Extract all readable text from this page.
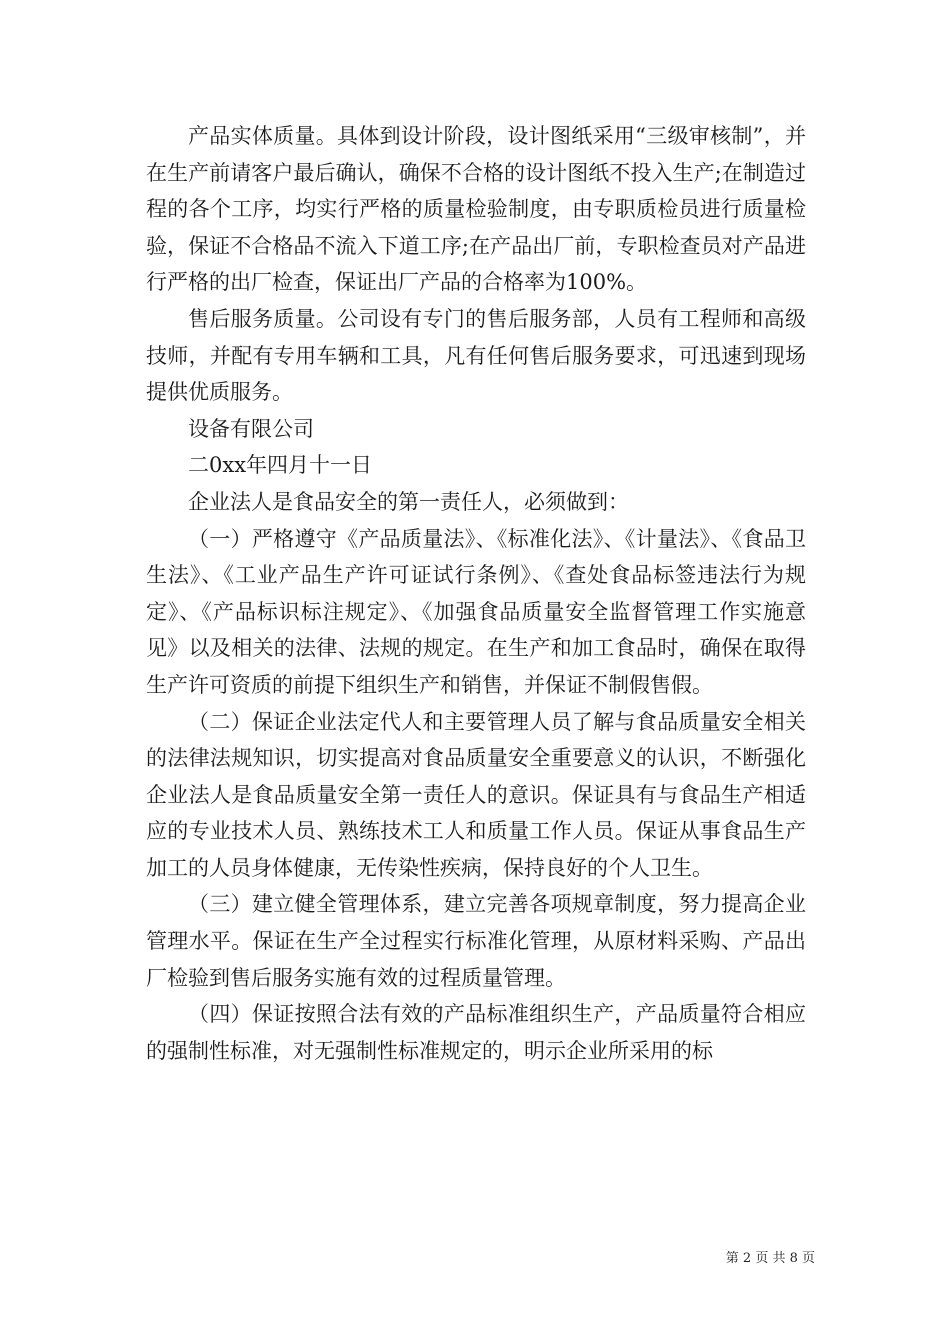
产品实体质量。具体到设计阶段，设计图纸采用“三级审核制”，并在生产前请客户最后确认，确保不合格的设计图纸不投入生产;在制造过程的各个工序，均实行严格的质量检验制度，由专职质检员进行质量检验，保证不合格品不流入下道工序;在产品出厂前，专职检查员对产品进行严格的出厂检查，保证出厂产品的合格率为100%。

售后服务质量。公司设有专门的售后服务部，人员有工程师和高级技师，并配有专用车辆和工具，凡有任何售后服务要求，可迅速到现场提供优质服务。

设备有限公司

二0xx年四月十一日

企业法人是食品安全的第一责任人，必须做到：

（一）严格遵守《产品质量法》、《标准化法》、《计量法》、《食品卫生法》、《工业产品生产许可证试行条例》、《查处食品标签违法行为规定》、《产品标识标注规定》、《加强食品质量安全监督管理工作实施意见》以及相关的法律、法规的规定。在生产和加工食品时，确保在取得生产许可资质的前提下组织生产和销售，并保证不制假售假。

（二）保证企业法定代人和主要管理人员了解与食品质量安全相关的法律法规知识，切实提高对食品质量安全重要意义的认识，不断强化企业法人是食品质量安全第一责任人的意识。保证具有与食品生产相适应的专业技术人员、熟练技术工人和质量工作人员。保证从事食品生产加工的人员身体健康，无传染性疾病，保持良好的个人卫生。

（三）建立健全管理体系，建立完善各项规章制度，努力提高企业管理水平。保证在生产全过程实行标准化管理，从原材料采购、产品出厂检验到售后服务实施有效的过程质量管理。

（四）保证按照合法有效的产品标准组织生产，产品质量符合相应的强制性标准，对无强制性标准规定的，明示企业所采用的标

第 2 页 共 8 页
